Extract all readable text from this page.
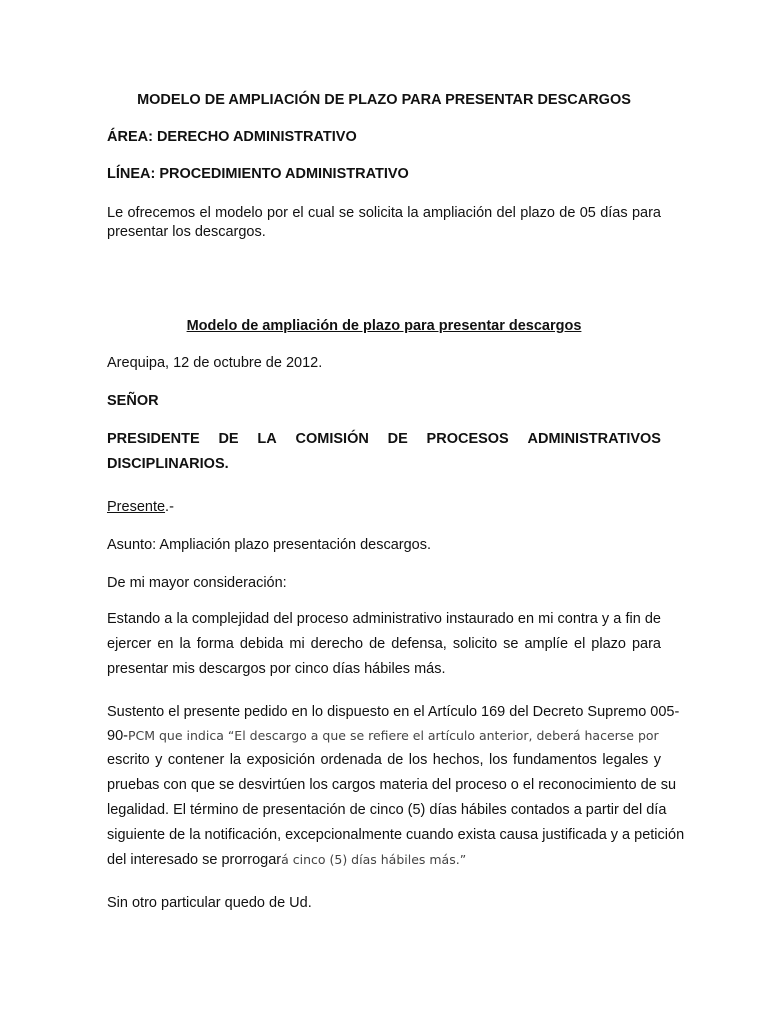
MODELO DE AMPLIACIÓN DE PLAZO PARA PRESENTAR DESCARGOS
ÁREA: DERECHO ADMINISTRATIVO
LÍNEA: PROCEDIMIENTO ADMINISTRATIVO
Le ofrecemos el modelo por el cual se solicita la ampliación del plazo de 05 días para
presentar los descargos.
Modelo de ampliación de plazo para presentar descargos
Arequipa, 12 de octubre de 2012.
SEÑOR
PRESIDENTE DE LA COMISIÓN DE PROCESOS ADMINISTRATIVOS
DISCIPLINARIOS.
Presente.-
Asunto: Ampliación plazo presentación descargos.
De mi mayor consideración:
Estando a la complejidad del proceso administrativo instaurado en mi contra y a fin de
ejercer en la forma debida mi derecho de defensa, solicito se amplíe el plazo para
presentar mis descargos por cinco días hábiles más.
Sustento el presente pedido en lo dispuesto en el Artículo 169 del Decreto Supremo 005-
90-PCM que indica “El descargo a que se refiere el artículo anterior, deberá hacerse por
escrito y contener la exposición ordenada de los hechos, los fundamentos legales y
pruebas con que se desvirtúen los cargos materia del proceso o el reconocimiento de su
legalidad. El término de presentación de cinco (5) días hábiles contados a partir del día
siguiente de la notificación, excepcionalmente cuando exista causa justificada y a petición
del interesado se prorrogará cinco (5) días hábiles más.”
Sin otro particular quedo de Ud.
